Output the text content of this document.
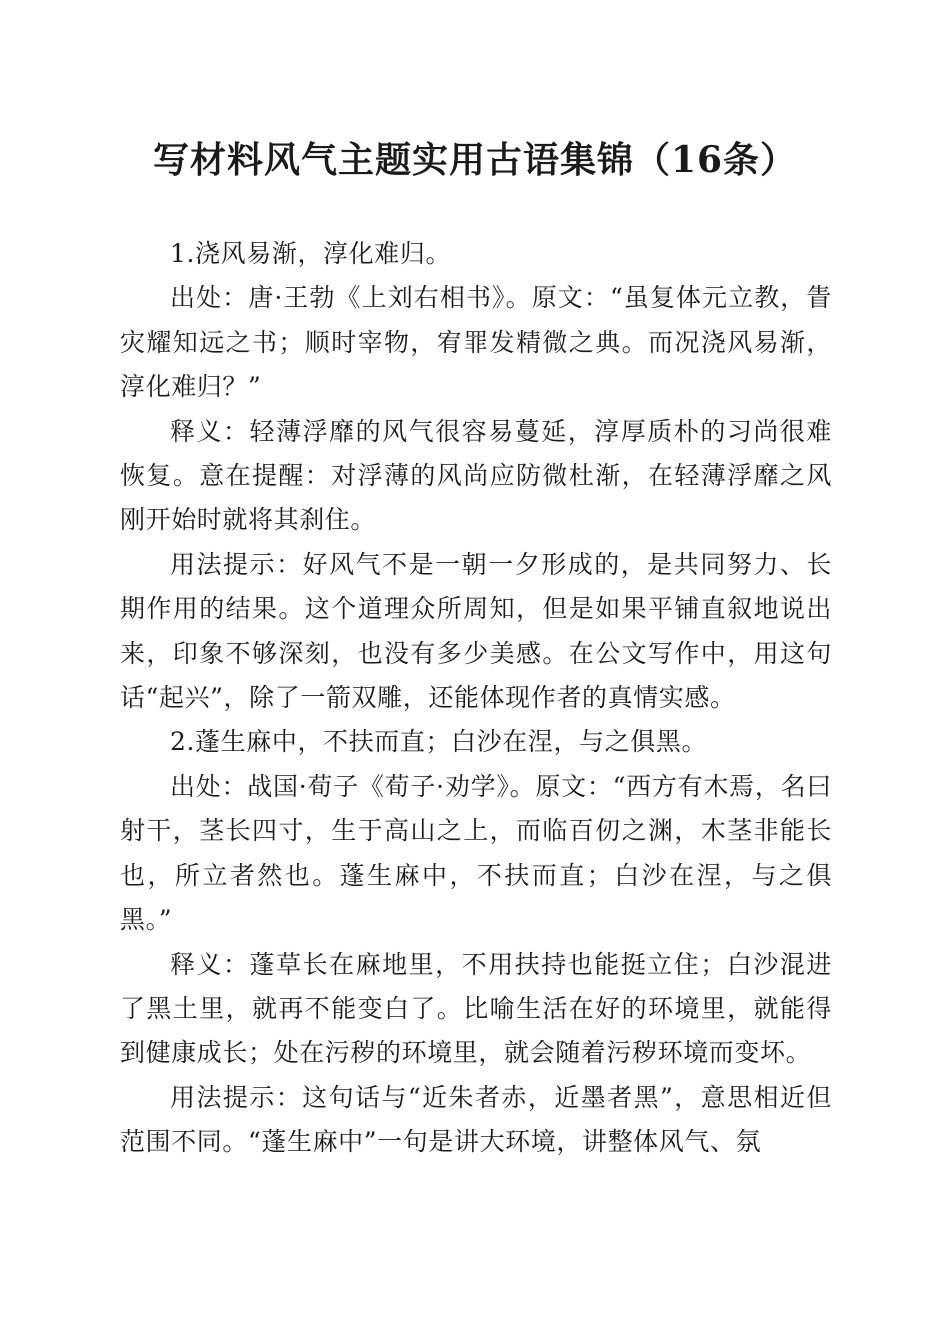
写材料风气主题实用古语集锦（16条）

1.浇风易渐，淳化难归。

出处：唐·王勃《上刘右相书》。原文：“虽复体元立教，眚灾耀知远之书；顺时宰物，宥罪发精微之典。而况浇风易渐，淳化难归？”

释义：轻薄浮靡的风气很容易蔓延，淳厚质朴的习尚很难恢复。意在提醒：对浮薄的风尚应防微杜渐，在轻薄浮靡之风刚开始时就将其刹住。

用法提示：好风气不是一朝一夕形成的，是共同努力、长期作用的结果。这个道理众所周知，但是如果平铺直叙地说出来，印象不够深刻，也没有多少美感。在公文写作中，用这句话“起兴”，除了一箭双雕，还能体现作者的真情实感。

2.蓬生麻中，不扶而直；白沙在涅，与之俱黑。

出处：战国·荀子《荀子·劝学》。原文：“西方有木焉，名曰射干，茎长四寸，生于高山之上，而临百仞之渊，木茎非能长也，所立者然也。蓬生麻中，不扶而直；白沙在涅，与之俱黑。”

释义：蓬草长在麻地里，不用扶持也能挺立住；白沙混进了黑土里，就再不能变白了。比喻生活在好的环境里，就能得到健康成长；处在污秽的环境里，就会随着污秽环境而变坏。

用法提示：这句话与“近朱者赤，近墨者黑”，意思相近但范围不同。“蓬生麻中”一句是讲大环境，讲整体风气、氛
